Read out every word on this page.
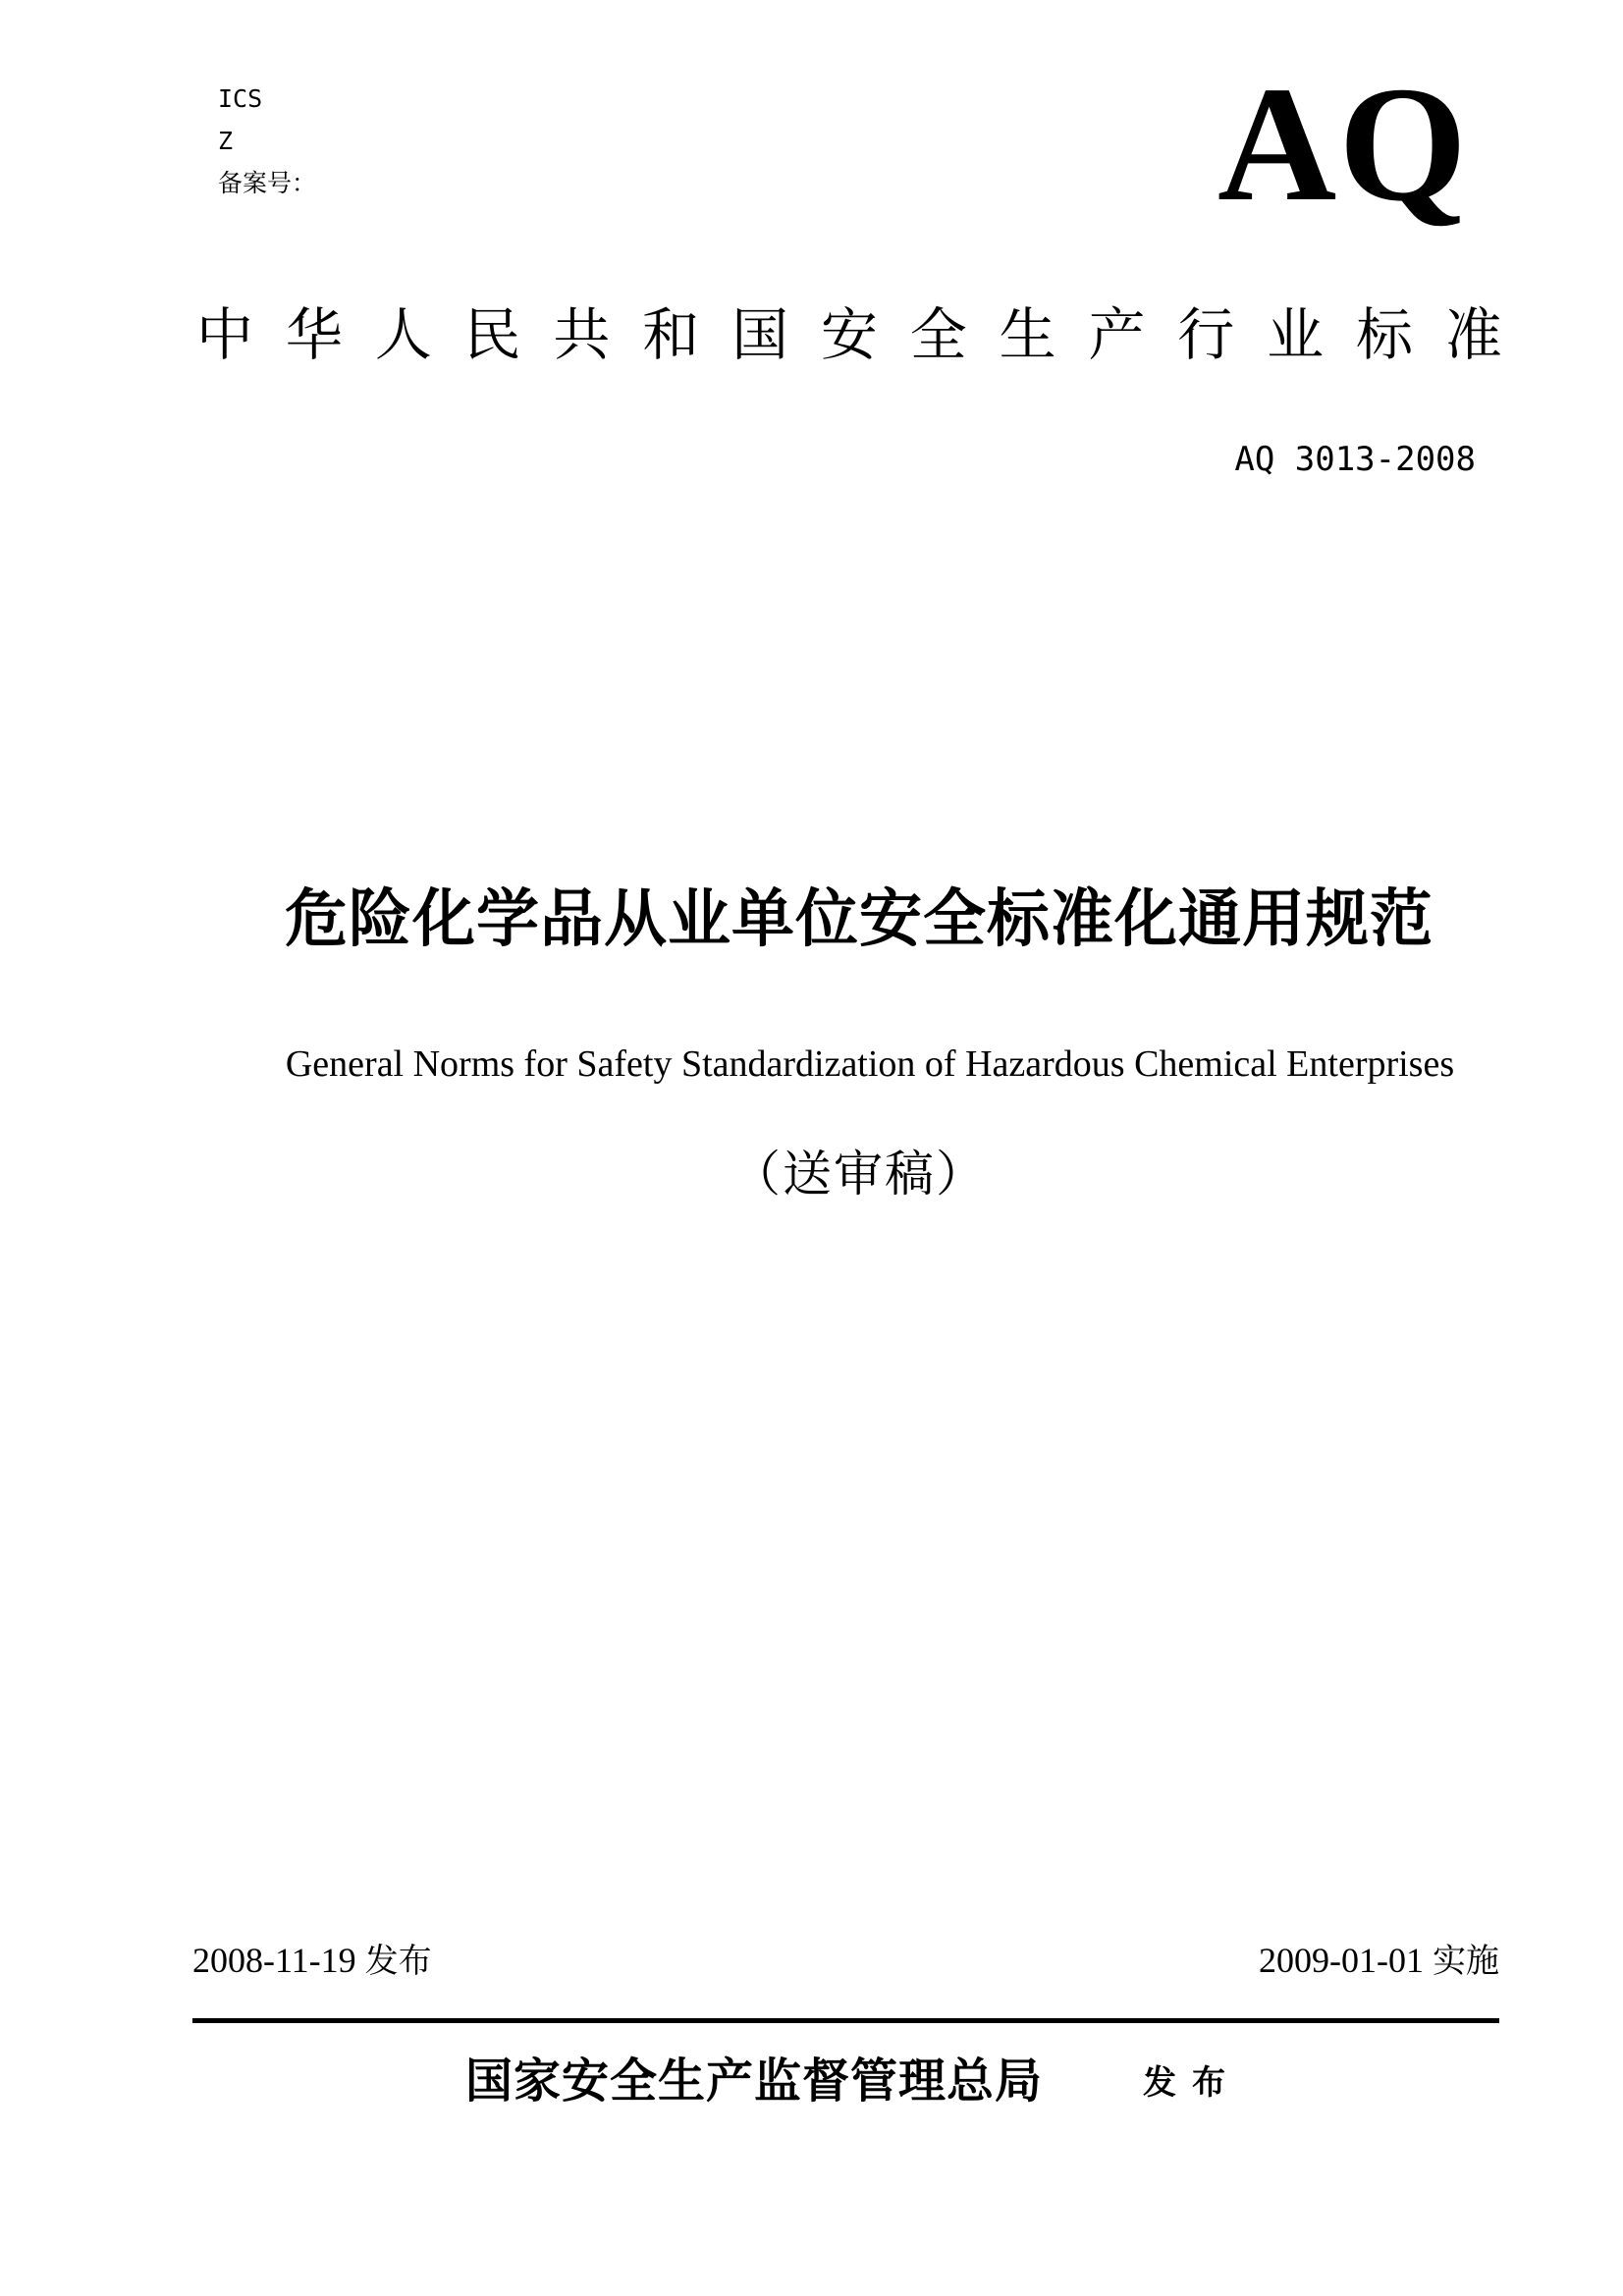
ICS
Z
备案号：	AQ
中 华 人 民 共 和 国 安 全 生 产 行 业 标 准
AQ 3013-2008
危险化学品从业单位安全标准化通用规范
General Norms for Safety Standardization of Hazardous Chemical Enterprises
（送审稿）
2008-11-19 发布	2009-01-01 实施
国家安全生产监督管理总局	发布
